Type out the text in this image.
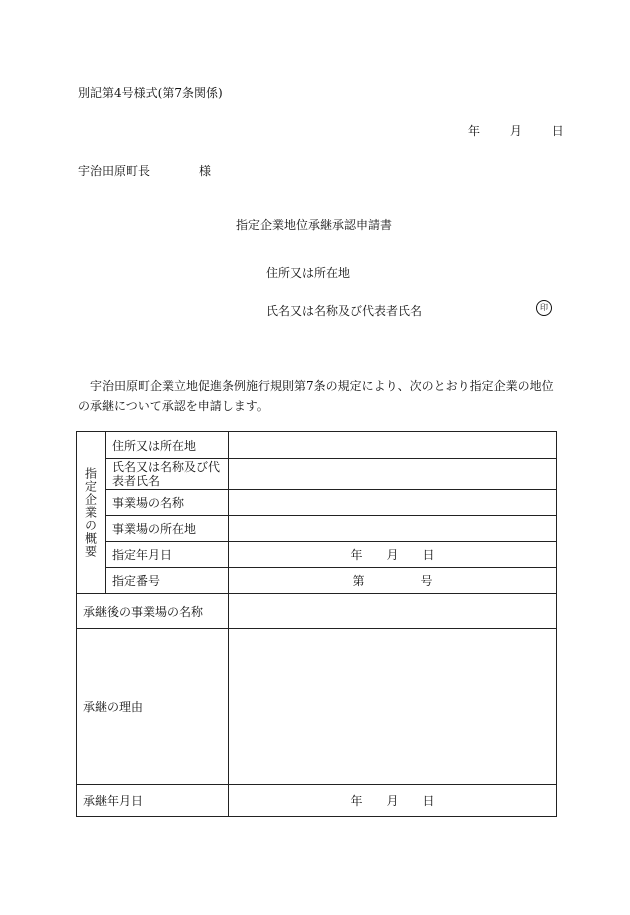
別記第4号様式(第7条関係)
年 月 日
宇治田原町長	様
指定企業地位承継承認申請書
住所又は所在地
氏名又は名称及び代表者氏名	印
宇治田原町企業立地促進条例施行規則第7条の規定により、次のとおり指定企業の地位の承継について承認を申請します。
指定企業の概要	住所又は所在地	
	氏名又は名称及び代
表者氏名	
	事業場の名称	
	事業場の所在地	
	指定年月日	年 月 日
	指定番号	第 号
承継後の事業場の名称		
承継の理由		
承継年月日		年 月 日
